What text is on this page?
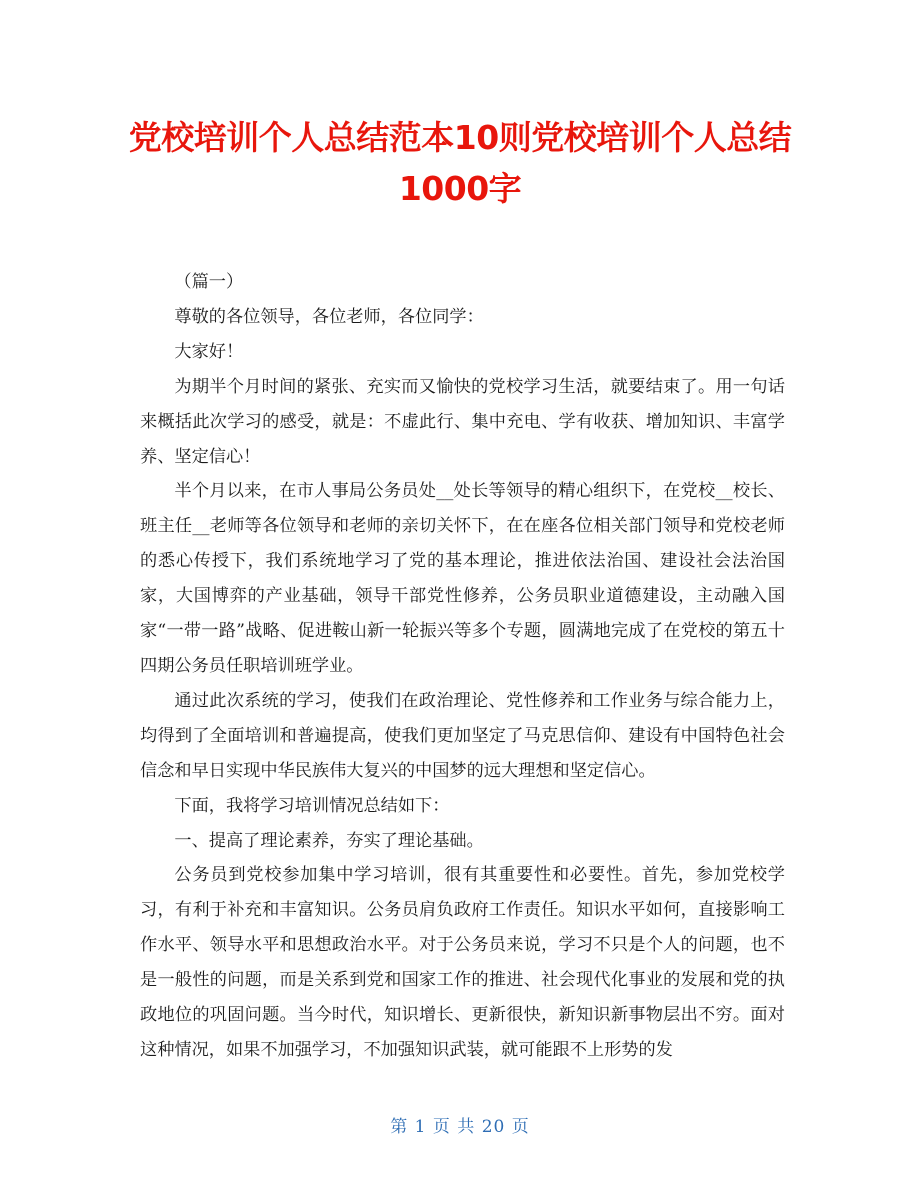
党校培训个人总结范本10则党校培训个人总结1000字

（篇一）

尊敬的各位领导，各位老师，各位同学：

大家好！

为期半个月时间的紧张、充实而又愉快的党校学习生活，就要结束了。用一句话来概括此次学习的感受，就是：不虚此行、集中充电、学有收获、增加知识、丰富学养、坚定信心！

半个月以来，在市人事局公务员处__处长等领导的精心组织下，在党校__校长、班主任__老师等各位领导和老师的亲切关怀下，在在座各位相关部门领导和党校老师的悉心传授下，我们系统地学习了党的基本理论，推进依法治国、建设社会法治国家，大国博弈的产业基础，领导干部党性修养，公务员职业道德建设，主动融入国家“一带一路”战略、促进鞍山新一轮振兴等多个专题，圆满地完成了在党校的第五十四期公务员任职培训班学业。

通过此次系统的学习，使我们在政治理论、党性修养和工作业务与综合能力上，均得到了全面培训和普遍提高，使我们更加坚定了马克思信仰、建设有中国特色社会信念和早日实现中华民族伟大复兴的中国梦的远大理想和坚定信心。

下面，我将学习培训情况总结如下：

一、提高了理论素养，夯实了理论基础。

公务员到党校参加集中学习培训，很有其重要性和必要性。首先，参加党校学习，有利于补充和丰富知识。公务员肩负政府工作责任。知识水平如何，直接影响工作水平、领导水平和思想政治水平。对于公务员来说，学习不只是个人的问题，也不是一般性的问题，而是关系到党和国家工作的推进、社会现代化事业的发展和党的执政地位的巩固问题。当今时代，知识增长、更新很快，新知识新事物层出不穷。面对这种情况，如果不加强学习，不加强知识武装，就可能跟不上形势的发

第 1 页 共 20 页
